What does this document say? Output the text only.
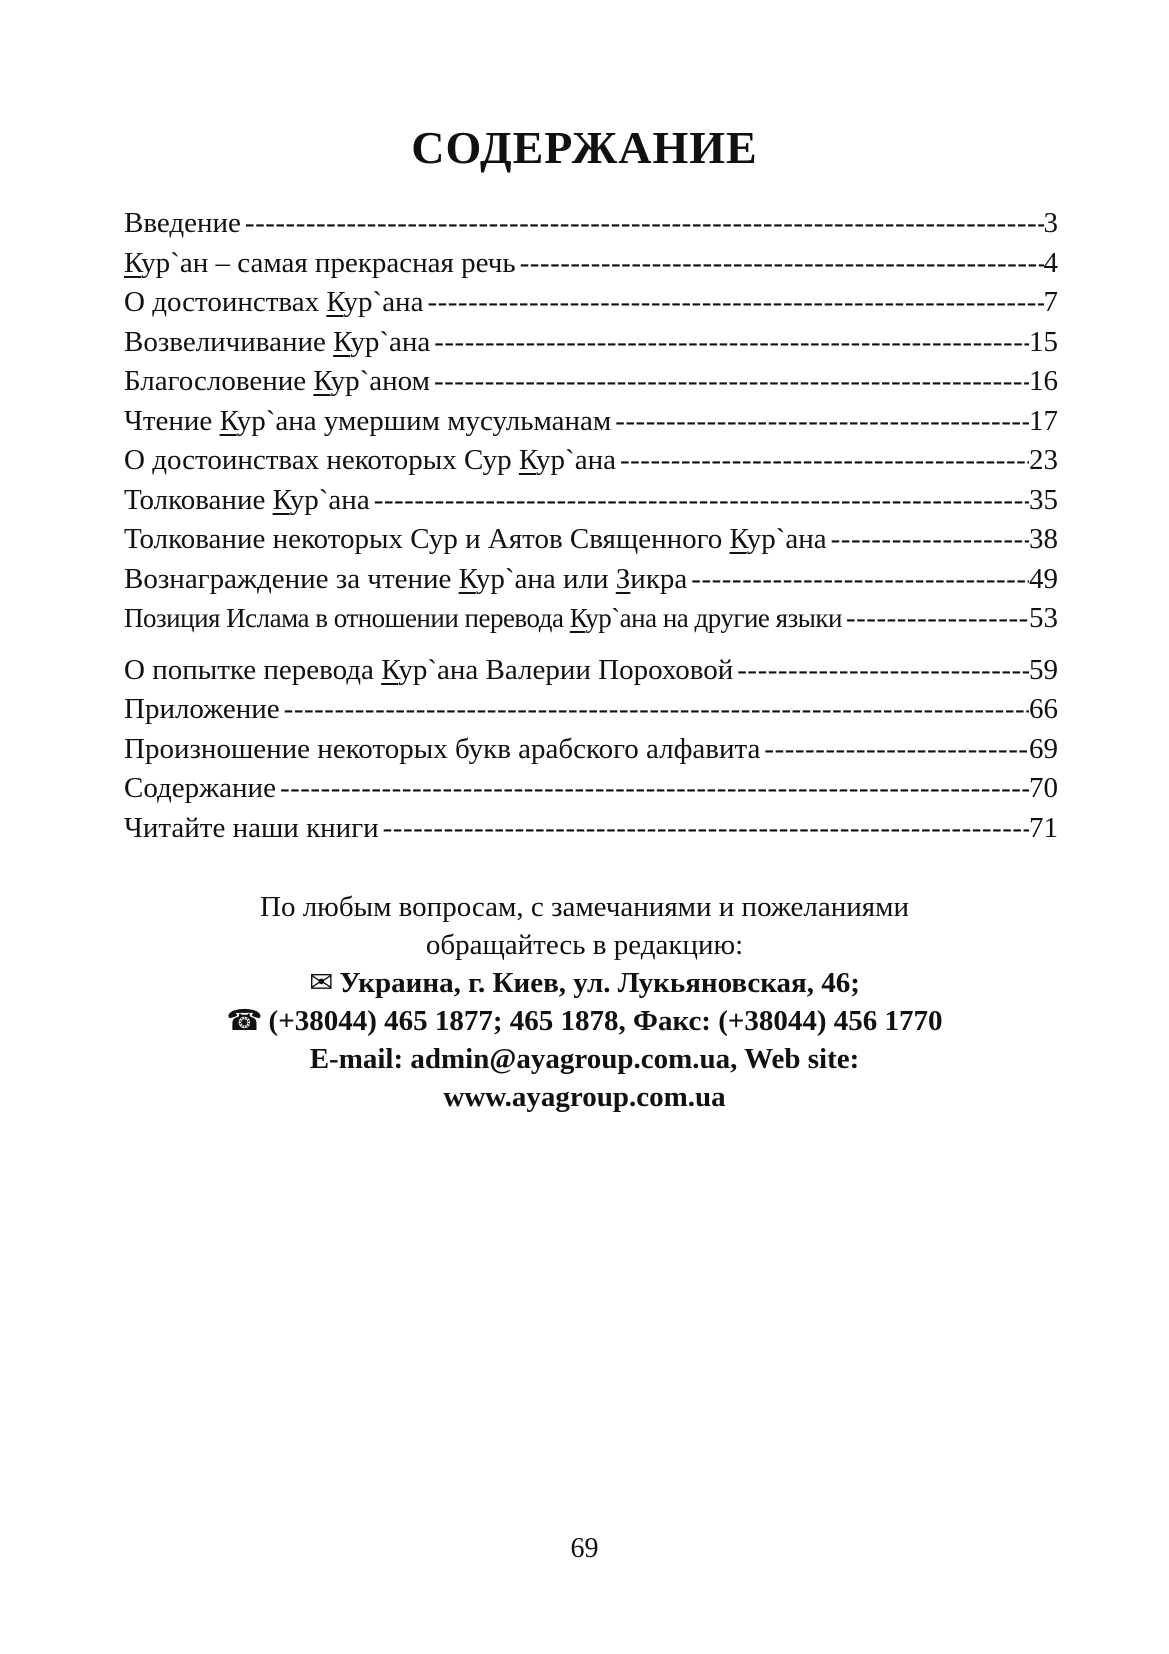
СОДЕРЖАНИЕ
Введение -----	3
Кур`ан – самая прекрасная речь -----	4
О достоинствах Кур`ана -----	7
Возвеличивание Кур`ана -----	15
Благословение Кур`аном -----	16
Чтение Кур`ана умершим мусульманам -----	17
О достоинствах некоторых Сур Кур`ана -----	23
Толкование Кур`ана -----	35
Толкование некоторых Сур и Аятов Священного Кур`ана -----	38
Вознаграждение за чтение Кур`ана или Зикра -----	49
Позиция Ислама в отношении перевода Кур`ана на другие языки -----	53
О попытке перевода Кур`ана Валерии Пороховой -----	59
Приложение -----	66
Произношение некоторых букв арабского алфавита -----	69
Содержание -----	70
Читайте наши книги -----	71
По любым вопросам, с замечаниями и пожеланиями
обращайтесь в редакцию:
✉ Украина, г. Киев, ул. Лукьяновская, 46;
☎ (+38044) 465 1877; 465 1878, Факс: (+38044) 456 1770
E-mail: admin@ayagroup.com.ua, Web site:
www.ayagroup.com.ua
69
